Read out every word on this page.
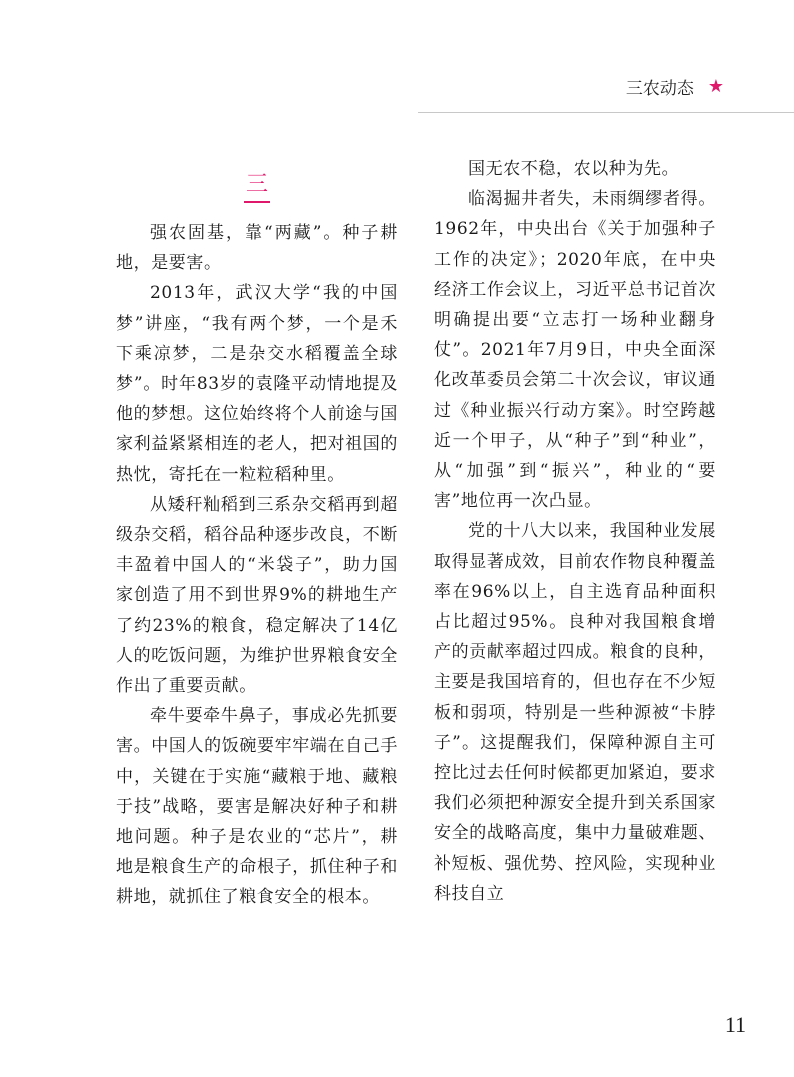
三农动态 ★
三

强农固基，靠“两藏”。种子耕地，是要害。

2013年，武汉大学“我的中国梦”讲座，“我有两个梦，一个是禾下乘凉梦，二是杂交水稻覆盖全球梦”。时年83岁的袁隆平动情地提及他的梦想。这位始终将个人前途与国家利益紧紧相连的老人，把对祖国的热忱，寄托在一粒粒稻种里。

从矮秆籼稻到三系杂交稻再到超级杂交稻，稻谷品种逐步改良，不断丰盈着中国人的“米袋子”，助力国家创造了用不到世界9%的耕地生产了约23%的粮食，稳定解决了14亿人的吃饭问题，为维护世界粮食安全作出了重要贡献。

牵牛要牵牛鼻子，事成必先抓要害。中国人的饭碗要牢牢端在自己手中，关键在于实施“藏粮于地、藏粮于技”战略，要害是解决好种子和耕地问题。种子是农业的“芯片”，耕地是粮食生产的命根子，抓住种子和耕地，就抓住了粮食安全的根本。

国无农不稳，农以种为先。

临渴掘井者失，未雨绸缪者得。1962年，中央出台《关于加强种子工作的决定》；2020年底，在中央经济工作会议上，习近平总书记首次明确提出要“立志打一场种业翻身仗”。2021年7月9日，中央全面深化改革委员会第二十次会议，审议通过《种业振兴行动方案》。时空跨越近一个甲子，从“种子”到“种业”，从“加强”到“振兴”，种业的“要害”地位再一次凸显。

党的十八大以来，我国种业发展取得显著成效，目前农作物良种覆盖率在96%以上，自主选育品种面积占比超过95%。良种对我国粮食增产的贡献率超过四成。粮食的良种，主要是我国培育的，但也存在不少短板和弱项，特别是一些种源被“卡脖子”。这提醒我们，保障种源自主可控比过去任何时候都更加紧迫，要求我们必须把种源安全提升到关系国家安全的战略高度，集中力量破难题、补短板、强优势、控风险，实现种业科技自立

11
